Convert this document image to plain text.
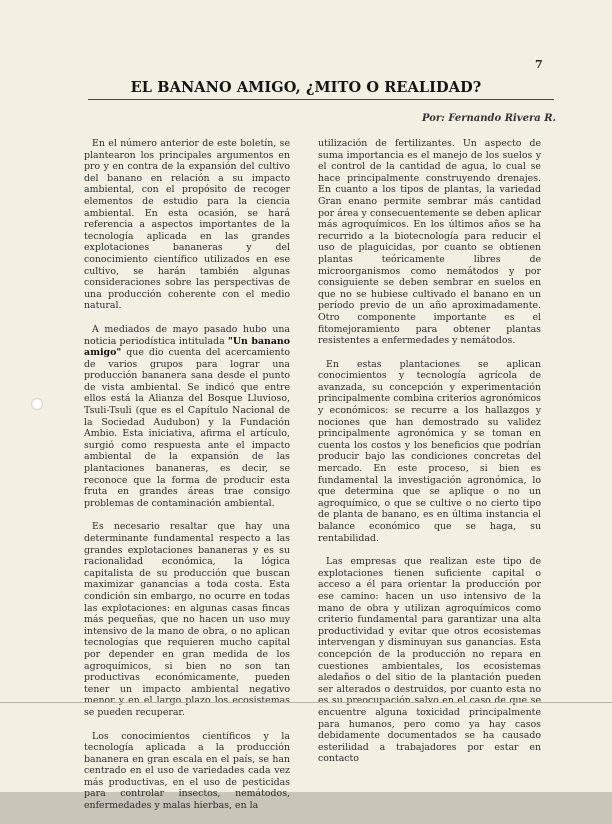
7
EL BANANO AMIGO, ¿MITO O REALIDAD?
Por: Fernando Rivera R.

En el número anterior de este boletín, se plantearon los principales argumentos en pro y en contra de la expansión del cultivo del banano en relación a su impacto ambiental, con el propósito de recoger elementos de estudio para la ciencia ambiental. En esta ocasión, se hará referencia a aspectos importantes de la tecnología aplicada en las grandes explotaciones bananeras y del conocimiento científico utilizados en ese cultivo, se harán también algunas consideraciones sobre las perspectivas de una producción coherente con el medio natural.

A mediados de mayo pasado hubo una noticia periodística intitulada "Un banano amigo" que dio cuenta del acercamiento de varios grupos para lograr una producción bananera sana desde el punto de vista ambiental. Se indicó que entre ellos está la Alianza del Bosque Lluvioso, Tsuli-Tsuli (que es el Capítulo Nacional de la Sociedad Audubon) y la Fundación Ambio. Esta iniciativa, afirma el artículo, surgió como respuesta ante el impacto ambiental de la expansión de las plantaciones bananeras, es decir, se reconoce que la forma de producir esta fruta en grandes áreas trae consigo problemas de contaminación ambiental.

Es necesario resaltar que hay una determinante fundamental respecto a las grandes explotaciones bananeras y es su racionalidad económica, la lógica capitalista de su producción que buscan maximizar ganancias a toda costa. Esta condición sin embargo, no ocurre en todas las explotaciones: en algunas casas fincas más pequeñas, que no hacen un uso muy intensivo de la mano de obra, o no aplican tecnologías que requieren mucho capital por depender en gran medida de los agroquímicos, si bien no son tan productivas económicamente, pueden tener un impacto ambiental negativo menor y en el largo plazo los ecosistemas se pueden recuperar.

Los conocimientos científicos y la tecnología aplicada a la producción bananera en gran escala en el país, se han centrado en el uso de variedades cada vez más productivas, en el uso de pesticidas para controlar insectos, nemátodos, enfermedades y malas hierbas, en la

utilización de fertilizantes. Un aspecto de suma importancia es el manejo de los suelos y el control de la cantidad de agua, lo cual se hace principalmente construyendo drenajes. En cuanto a los tipos de plantas, la variedad Gran enano permite sembrar más cantidad por área y consecuentemente se deben aplicar más agroquímicos. En los últimos años se ha recurrido a la biotecnología para reducir el uso de plaguicidas, por cuanto se obtienen plantas teóricamente libres de microorganismos como nemátodos y por consiguiente se deben sembrar en suelos en que no se hubiese cultivado el banano en un período previo de un año aproximadamente. Otro componente importante es el fitomejoramiento para obtener plantas resistentes a enfermedades y nemátodos.

En estas plantaciones se aplican conocimientos y tecnología agrícola de avanzada, su concepción y experimentación principalmente combina criterios agronómicos y económicos: se recurre a los hallazgos y nociones que han demostrado su validez principalmente agronómica y se toman en cuenta los costos y los beneficios que podrían producir bajo las condiciones concretas del mercado. En este proceso, si bien es fundamental la investigación agronómica, lo que determina que se aplique o no un agroquímico, o que se cultive o no cierto tipo de planta de banano, es en última instancia el balance económico que se haga, su rentabilidad.

Las empresas que realizan este tipo de explotaciones tienen suficiente capital o acceso a él para orientar la producción por ese camino: hacen un uso intensivo de la mano de obra y utilizan agroquímicos como criterio fundamental para garantizar una alta productividad y evitar que otros ecosistemas intervengan y disminuyan sus ganancias. Esta concepción de la producción no repara en cuestiones ambientales, los ecosistemas aledaños o del sitio de la plantación pueden ser alterados o destruidos, por cuanto esta no es su preocupación salvo en el caso de que se encuentre alguna toxicidad principalmente para humanos, pero como ya hay casos debidamente documentados se ha causado esterilidad a trabajadores por estar en contacto
